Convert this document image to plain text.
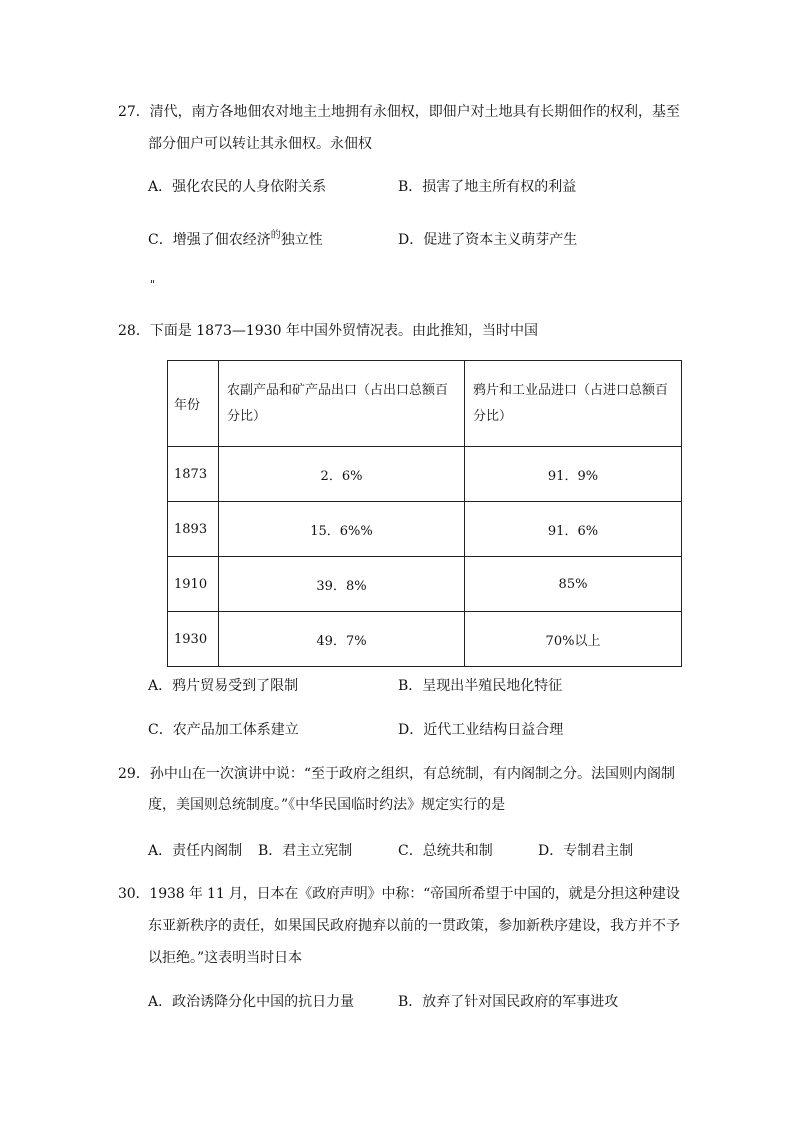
27．清代，南方各地佃农对地主土地拥有永佃权，即佃户对土地具有长期佃作的权利，基至
部分佃户可以转让其永佃权。永佃权
A．强化农民的人身依附关系	B．损害了地主所有权的利益
C．增强了佃农经济$^的$独立性	D．促进了资本主义萌芽产生
"
28．下面是 1873—1930 年中国外贸情况表。由此推知，当时中国
年份	农副产品和矿产品出口（占出口总额百分比）	鸦片和工业品进口（占进口总额百分比）
1873	2．6%	91．9%
1893	15．6%%	91．6%
1910	39．8%	85%
1930	49．7%	70%以上
A．鸦片贸易受到了限制	B．呈现出半殖民地化特征
C．农产品加工体系建立	D．近代工业结构日益合理
29．孙中山在一次演讲中说：“至于政府之组织，有总统制，有内阁制之分。法国则内阁制
度，美国则总统制度。”《中华民国临时约法》规定实行的是
A．责任内阁制 B．君主立宪制	C．总统共和制	D．专制君主制
30．1938 年 11 月，日本在《政府声明》中称：“帝国所希望于中国的，就是分担这种建设
东亚新秩序的责任，如果国民政府抛弃以前的一贯政策，参加新秩序建设，我方并不予
以拒绝。”这表明当时日本
A．政治诱降分化中国的抗日力量	B．放弃了针对国民政府的军事进攻
